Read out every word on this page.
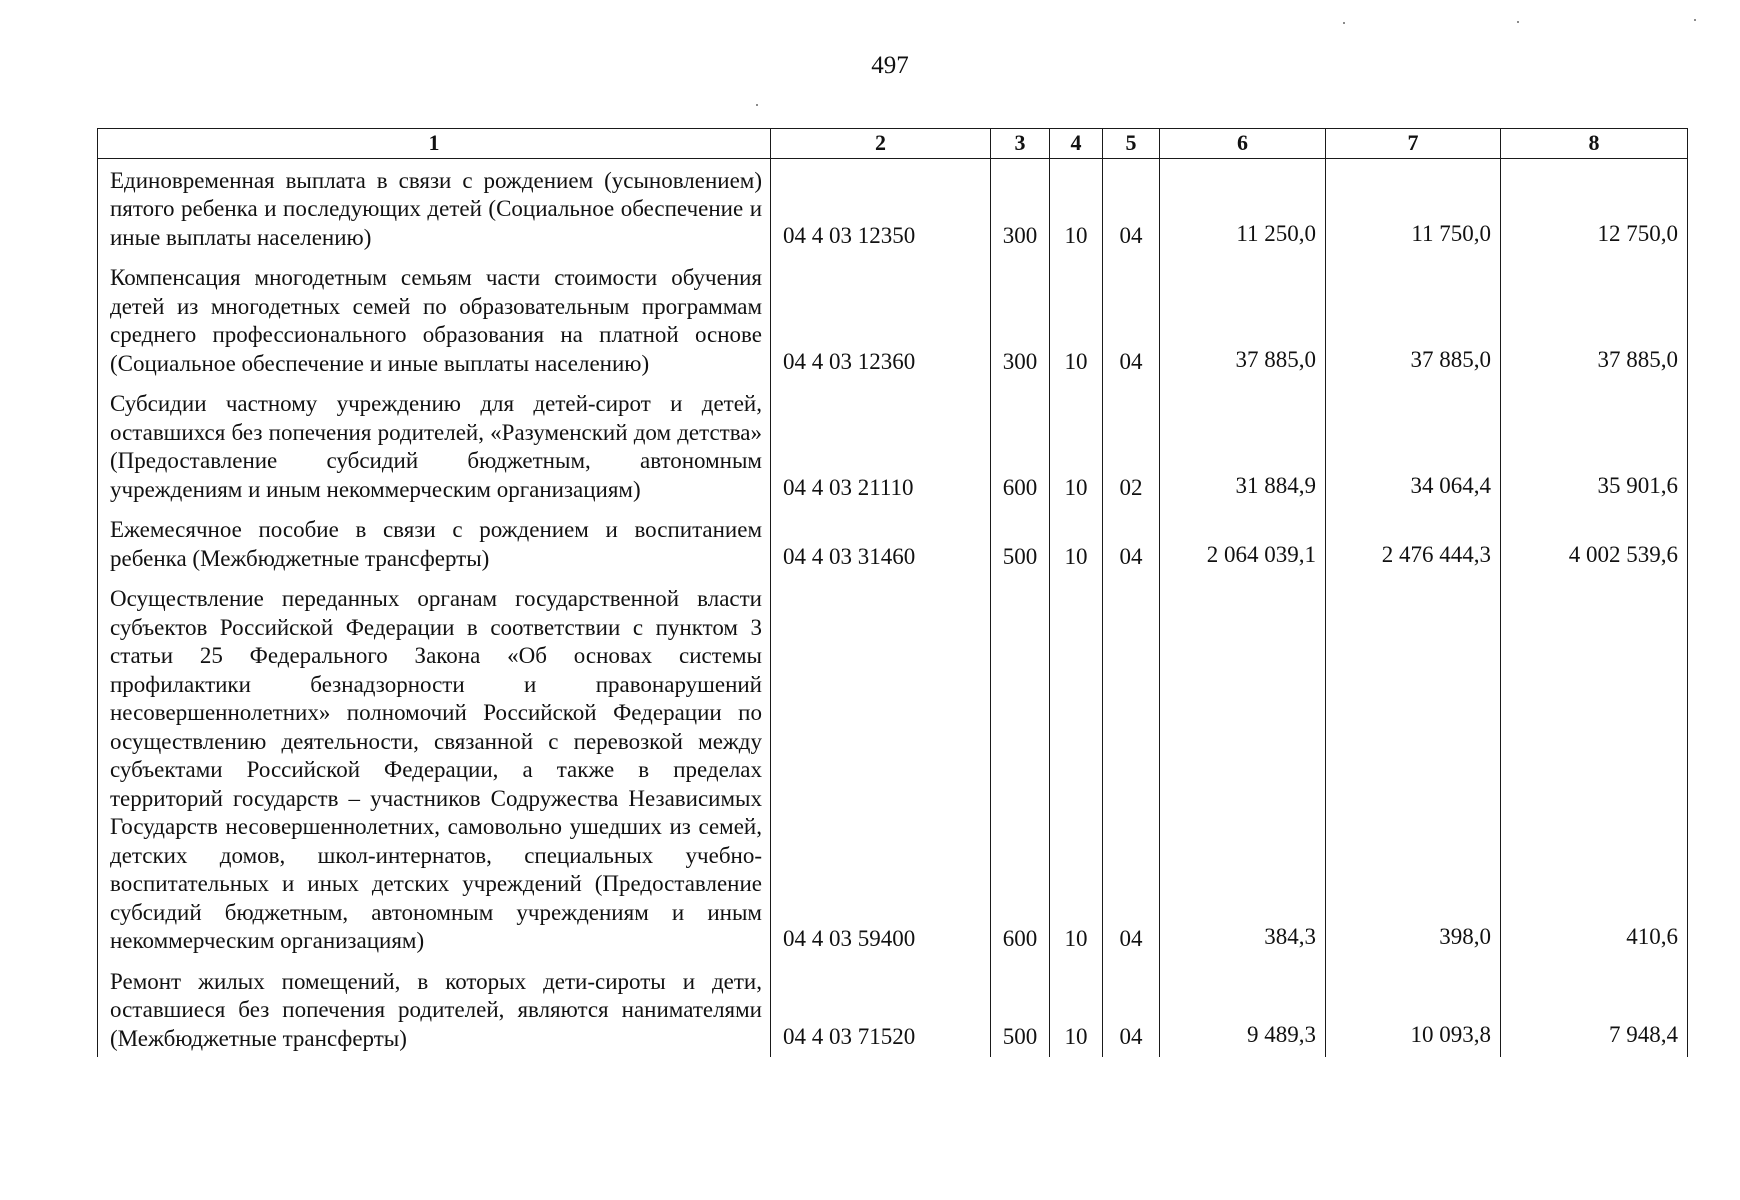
497
1	2	3	4	5	6	7	8
Единовременная выплата в связи с рождением (усыновлением) пятого ребенка и последующих детей (Социальное обеспечение и иные выплаты населению)	04 4 03 12350	300	10	04	11 250,0	11 750,0	12 750,0
Компенсация многодетным семьям части стоимости обучения детей из многодетных семей по образовательным программам среднего профессионального образования на платной основе (Социальное обеспечение и иные выплаты населению)	04 4 03 12360	300	10	04	37 885,0	37 885,0	37 885,0
Субсидии частному учреждению для детей-сирот и детей, оставшихся без попечения родителей, «Разуменский дом детства» (Предоставление субсидий бюджетным, автономным учреждениям и иным некоммерческим организациям)	04 4 03 21110	600	10	02	31 884,9	34 064,4	35 901,6
Ежемесячное пособие в связи с рождением и воспитанием ребенка (Межбюджетные трансферты)	04 4 03 31460	500	10	04	2 064 039,1	2 476 444,3	4 002 539,6
Осуществление переданных органам государственной власти субъектов Российской Федерации в соответствии с пунктом 3 статьи 25 Федерального Закона «Об основах системы профилактики безнадзорности и правонарушений несовершеннолетних» полномочий Российской Федерации по осуществлению деятельности, связанной с перевозкой между субъектами Российской Федерации, а также в пределах территорий государств – участников Содружества Независимых Государств несовершеннолетних, самовольно ушедших из семей, детских домов, школ-интернатов, специальных учебно-воспитательных и иных детских учреждений (Предоставление субсидий бюджетным, автономным учреждениям и иным некоммерческим организациям)	04 4 03 59400	600	10	04	384,3	398,0	410,6
Ремонт жилых помещений, в которых дети-сироты и дети, оставшиеся без попечения родителей, являются нанимателями (Межбюджетные трансферты)	04 4 03 71520	500	10	04	9 489,3	10 093,8	7 948,4
